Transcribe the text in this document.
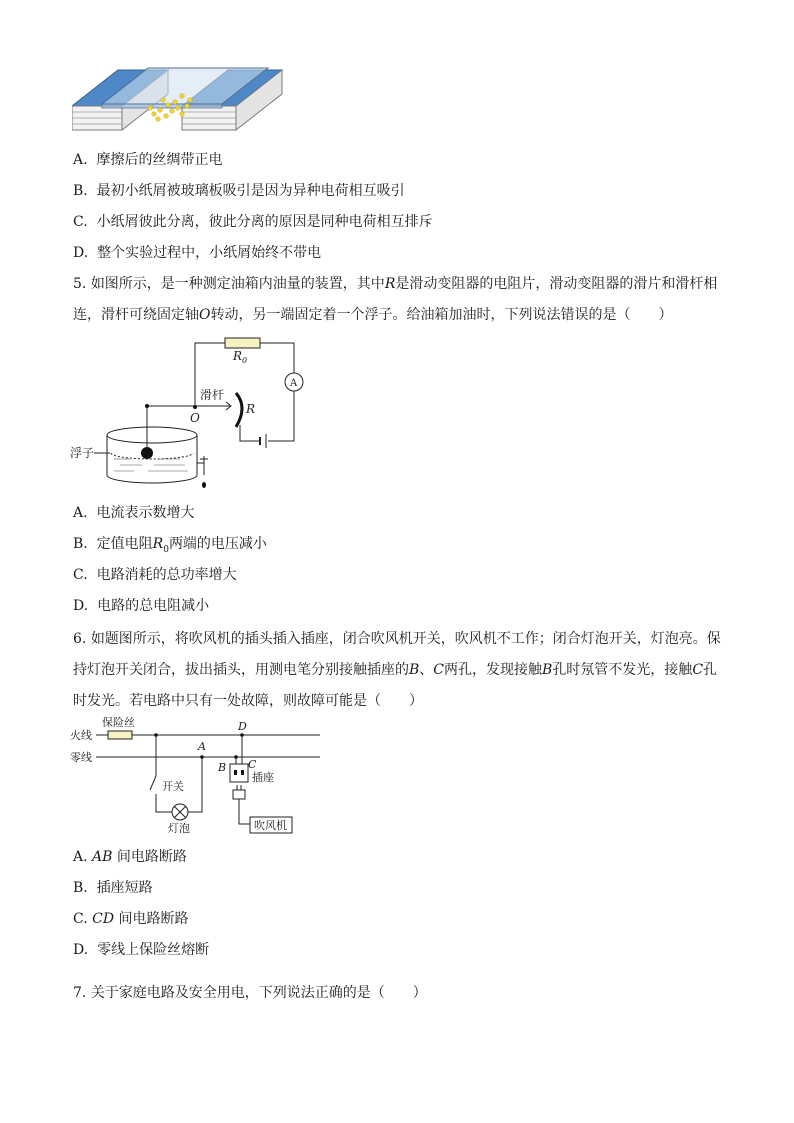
A. 摩擦后的丝绸带正电
B. 最初小纸屑被玻璃板吸引是因为异种电荷相互吸引
C. 小纸屑彼此分离，彼此分离的原因是同种电荷相互排斥
D. 整个实验过程中，小纸屑始终不带电
5. 如图所示，是一种测定油箱内油量的装置，其中R是滑动变阻器的电阻片，滑动变阻器的滑片和滑杆相连，滑杆可绕固定轴O转动，另一端固定着一个浮子。给油箱加油时，下列说法错误的是（　　）
$R_0$
A
滑杆
O
R
浮子
A. 电流表示数增大
B. 定值电阻$R_0$两端的电压减小
C. 电路消耗的总功率增大
D. 电路的总电阻减小
6. 如题图所示，将吹风机的插头插入插座，闭合吹风机开关，吹风机不工作；闭合灯泡开关，灯泡亮。保持灯泡开关闭合，拔出插头，用测电笔分别接触插座的B、C两孔，发现接触B孔时氖管不发光，接触C孔时发光。若电路中只有一处故障，则故障可能是（　　）
保险丝
火线
零线
A
D
B C
开关
灯泡
插座
吹风机
A. AB 间电路断路
B. 插座短路
C. CD 间电路断路
D. 零线上保险丝熔断
7. 关于家庭电路及安全用电，下列说法正确的是（　　）
